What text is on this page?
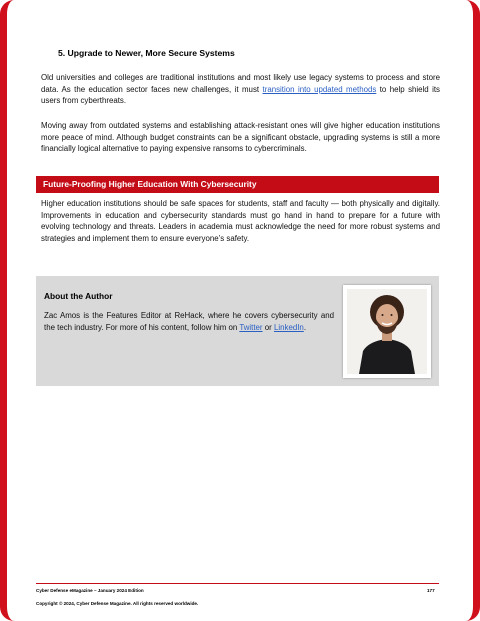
5. Upgrade to Newer, More Secure Systems

Old universities and colleges are traditional institutions and most likely use legacy systems to process and store data. As the education sector faces new challenges, it must transition into updated methods to help shield its users from cyberthreats.

Moving away from outdated systems and establishing attack-resistant ones will give higher education institutions more peace of mind. Although budget constraints can be a significant obstacle, upgrading systems is still a more financially logical alternative to paying expensive ransoms to cybercriminals.

Future-Proofing Higher Education With Cybersecurity

Higher education institutions should be safe spaces for students, staff and faculty — both physically and digitally. Improvements in education and cybersecurity standards must go hand in hand to prepare for a future with evolving technology and threats. Leaders in academia must acknowledge the need for more robust systems and strategies and implement them to ensure everyone’s safety.

About the Author
Zac Amos is the Features Editor at ReHack, where he covers cybersecurity and the tech industry. For more of his content, follow him on Twitter or LinkedIn.
Cyber Defense eMagazine – January 2024 Edition	177
Copyright © 2024, Cyber Defense Magazine. All rights reserved worldwide.
